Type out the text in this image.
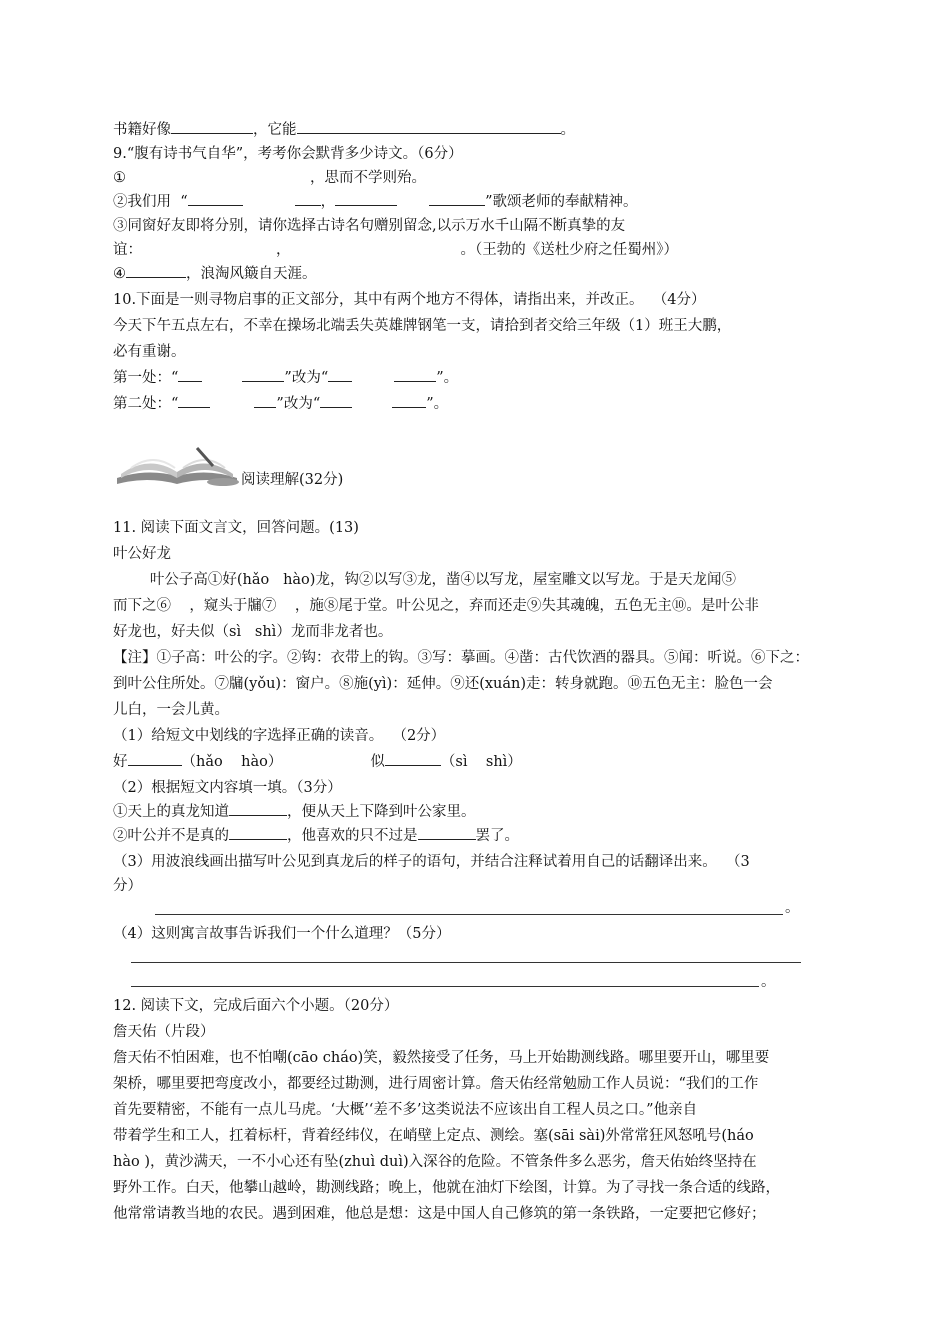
书籍好像	，它能	。
9.“腹有诗书气自华”，考考你会默背多少诗文。（6分）
①	，思而不学则殆。
②我们用  “	，	”歌颂老师的奉献精神。
③同窗好友即将分别，请你选择古诗名句赠别留念,以示万水千山隔不断真挚的友
谊：	，	。（王勃的《送杜少府之任蜀州》）
④	，浪淘风簸自天涯。
10.下面是一则寻物启事的正文部分，其中有两个地方不得体，请指出来，并改正。  （4分）
今天下午五点左右，不幸在操场北端丢失英雄牌钢笔一支，请拾到者交给三年级（1）班王大鹏，
必有重谢。
第一处：“	”改为“	”。
第二处：“	”改为“	”。
阅读理解(32分)
11. 阅读下面文言文，回答问题。(13)
叶公好龙
叶公子高①好(hǎo   hào)龙，钩②以写③龙，凿④以写龙，屋室雕文以写龙。于是天龙闻⑤
而下之⑥    ，窥头于牖⑦    ，施⑧尾于堂。叶公见之，弃而还走⑨失其魂魄，五色无主⑩。是叶公非
好龙也，好夫似（sì   shì）龙而非龙者也。
【注】①子高：叶公的字。②钩：衣带上的钩。③写：摹画。④凿：古代饮酒的器具。⑤闻：听说。⑥下之：
到叶公住所处。⑦牖(yǒu)：窗户。⑧施(yì)：延伸。⑨还(xuán)走：转身就跑。⑩五色无主：脸色一会
儿白，一会儿黄。
（1）给短文中划线的字选择正确的读音。  （2分）
好	（hǎo    hào）	似	（sì    shì）
（2）根据短文内容填一填。（3分）
①天上的真龙知道	，便从天上下降到叶公家里。
②叶公并不是真的	，他喜欢的只不过是	罢了。
（3）用波浪线画出描写叶公见到真龙后的样子的语句，并结合注释试着用自己的话翻译出来。  （3
分）
。
（4）这则寓言故事告诉我们一个什么道理？（5分）
。
12. 阅读下文，完成后面六个小题。（20分）
詹天佑（片段）
詹天佑不怕困难，也不怕嘲(cāo cháo)笑，毅然接受了任务，马上开始勘测线路。哪里要开山，哪里要
架桥，哪里要把弯度改小，都要经过勘测，进行周密计算。詹天佑经常勉励工作人员说：“我们的工作
首先要精密，不能有一点儿马虎。‘大概’‘差不多’这类说法不应该出自工程人员之口。”他亲自
带着学生和工人，扛着标杆，背着经纬仪，在峭壁上定点、测绘。塞(sāi sài)外常常狂风怒吼号(háo
hào )，黄沙满天，一不小心还有坠(zhuì duì)入深谷的危险。不管条件多么恶劣，詹天佑始终坚持在
野外工作。白天，他攀山越岭，勘测线路；晚上，他就在油灯下绘图，计算。为了寻找一条合适的线路，
他常常请教当地的农民。遇到困难，他总是想：这是中国人自己修筑的第一条铁路，一定要把它修好；
